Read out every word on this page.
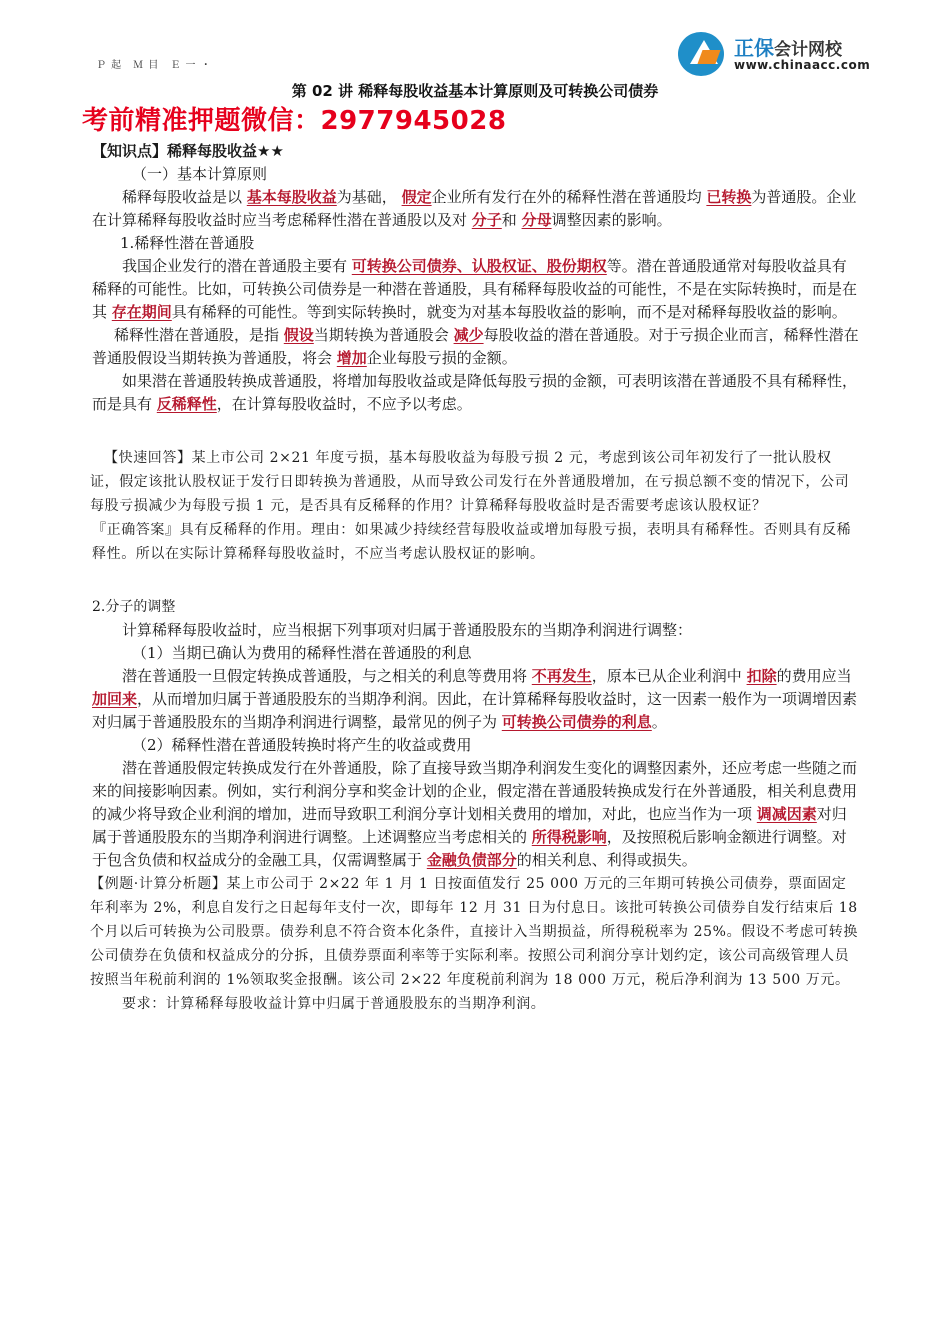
Ｐ 起　Ｍ 目　Ｅ 一 ・
正保会计网校
www.chinaacc.com
第 02 讲 稀释每股收益基本计算原则及可转换公司债券
考前精准押题微信：2977945028

【知识点】稀释每股收益★★

（一）基本计算原则

稀释每股收益是以 基本每股收益为基础， 假定企业所有发行在外的稀释性潜在普通股均 已转换为普通股。企业在计算稀释每股收益时应当考虑稀释性潜在普通股以及对 分子和 分母调整因素的影响。

1.稀释性潜在普通股

我国企业发行的潜在普通股主要有 可转换公司债券、认股权证、股份期权等。潜在普通股通常对每股收益具有稀释的可能性。比如，可转换公司债券是一种潜在普通股，具有稀释每股收益的可能性，不是在实际转换时，而是在其 存在期间具有稀释的可能性。等到实际转换时，就变为对基本每股收益的影响，而不是对稀释每股收益的影响。

稀释性潜在普通股，是指 假设当期转换为普通股会 减少每股收益的潜在普通股。对于亏损企业而言，稀释性潜在普通股假设当期转换为普通股，将会 增加企业每股亏损的金额。

如果潜在普通股转换成普通股，将增加每股收益或是降低每股亏损的金额，可表明该潜在普通股不具有稀释性，而是具有 反稀释性，在计算每股收益时，不应予以考虑。

【快速回答】某上市公司 2×21 年度亏损，基本每股收益为每股亏损 2 元，考虑到该公司年初发行了一批认股权证，假定该批认股权证于发行日即转换为普通股，从而导致公司发行在外普通股增加，在亏损总额不变的情况下，公司每股亏损减少为每股亏损 1 元，是否具有反稀释的作用？计算稀释每股收益时是否需要考虑该认股权证？

『正确答案』具有反稀释的作用。理由：如果减少持续经营每股收益或增加每股亏损，表明具有稀释性。否则具有反稀释性。所以在实际计算稀释每股收益时，不应当考虑认股权证的影响。

2.分子的调整

计算稀释每股收益时，应当根据下列事项对归属于普通股股东的当期净利润进行调整：

（1）当期已确认为费用的稀释性潜在普通股的利息

潜在普通股一旦假定转换成普通股，与之相关的利息等费用将 不再发生，原本已从企业利润中 扣除的费用应当 加回来，从而增加归属于普通股股东的当期净利润。因此，在计算稀释每股收益时，这一因素一般作为一项调增因素对归属于普通股股东的当期净利润进行调整，最常见的例子为 可转换公司债券的利息。

（2）稀释性潜在普通股转换时将产生的收益或费用

潜在普通股假定转换成发行在外普通股，除了直接导致当期净利润发生变化的调整因素外，还应考虑一些随之而来的间接影响因素。例如，实行利润分享和奖金计划的企业，假定潜在普通股转换成发行在外普通股，相关利息费用的减少将导致企业利润的增加，进而导致职工利润分享计划相关费用的增加，对此，也应当作为一项 调减因素对归属于普通股股东的当期净利润进行调整。上述调整应当考虑相关的 所得税影响，及按照税后影响金额进行调整。对于包含负债和权益成分的金融工具，仅需调整属于 金融负债部分的相关利息、利得或损失。

【例题·计算分析题】某上市公司于 2×22 年 1 月 1 日按面值发行 25 000 万元的三年期可转换公司债券，票面固定年利率为 2%，利息自发行之日起每年支付一次，即每年 12 月 31 日为付息日。该批可转换公司债券自发行结束后 18 个月以后可转换为公司股票。债券利息不符合资本化条件，直接计入当期损益，所得税税率为 25%。假设不考虑可转换公司债券在负债和权益成分的分拆，且债券票面利率等于实际利率。按照公司利润分享计划约定，该公司高级管理人员按照当年税前利润的 1%领取奖金报酬。该公司 2×22 年度税前利润为 18 000 万元，税后净利润为 13 500 万元。

要求：计算稀释每股收益计算中归属于普通股股东的当期净利润。
